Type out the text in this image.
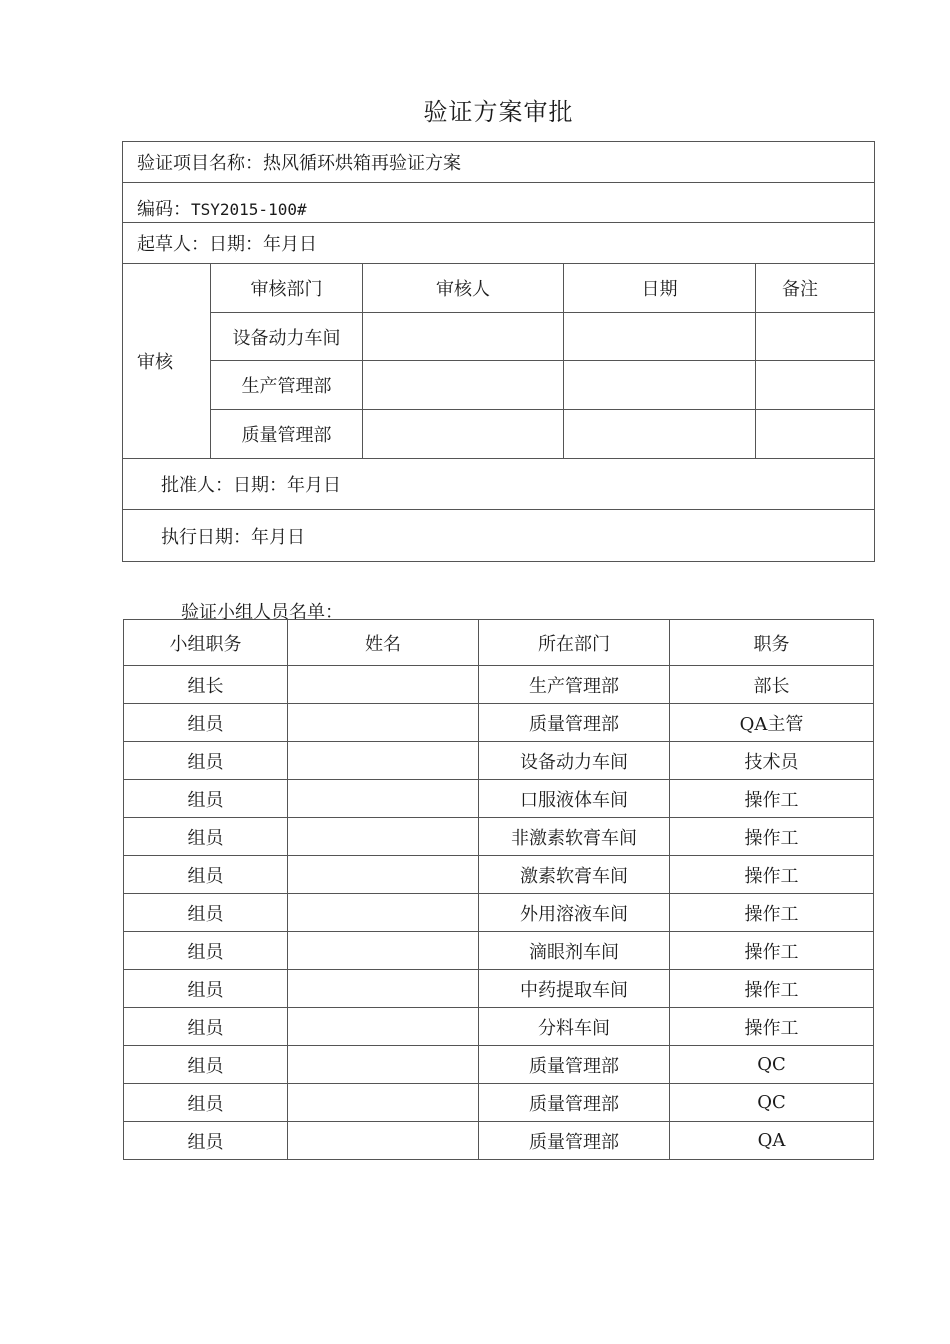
验证方案审批
验证项目名称：热风循环烘箱再验证方案				
编码：TSY2015-100#				
起草人：日期：年月日				
审核	审核部门	审核人	日期	备注
	设备动力车间			
	生产管理部			
	质量管理部			
批准人：日期：年月日				
执行日期：年月日				
验证小组人员名单：
小组职务	姓名	所在部门	职务
组长		生产管理部	部长
组员		质量管理部	QA主管
组员		设备动力车间	技术员
组员		口服液体车间	操作工
组员		非激素软膏车间	操作工
组员		激素软膏车间	操作工
组员		外用溶液车间	操作工
组员		滴眼剂车间	操作工
组员		中药提取车间	操作工
组员		分料车间	操作工
组员		质量管理部	QC
组员		质量管理部	QC
组员		质量管理部	QA
